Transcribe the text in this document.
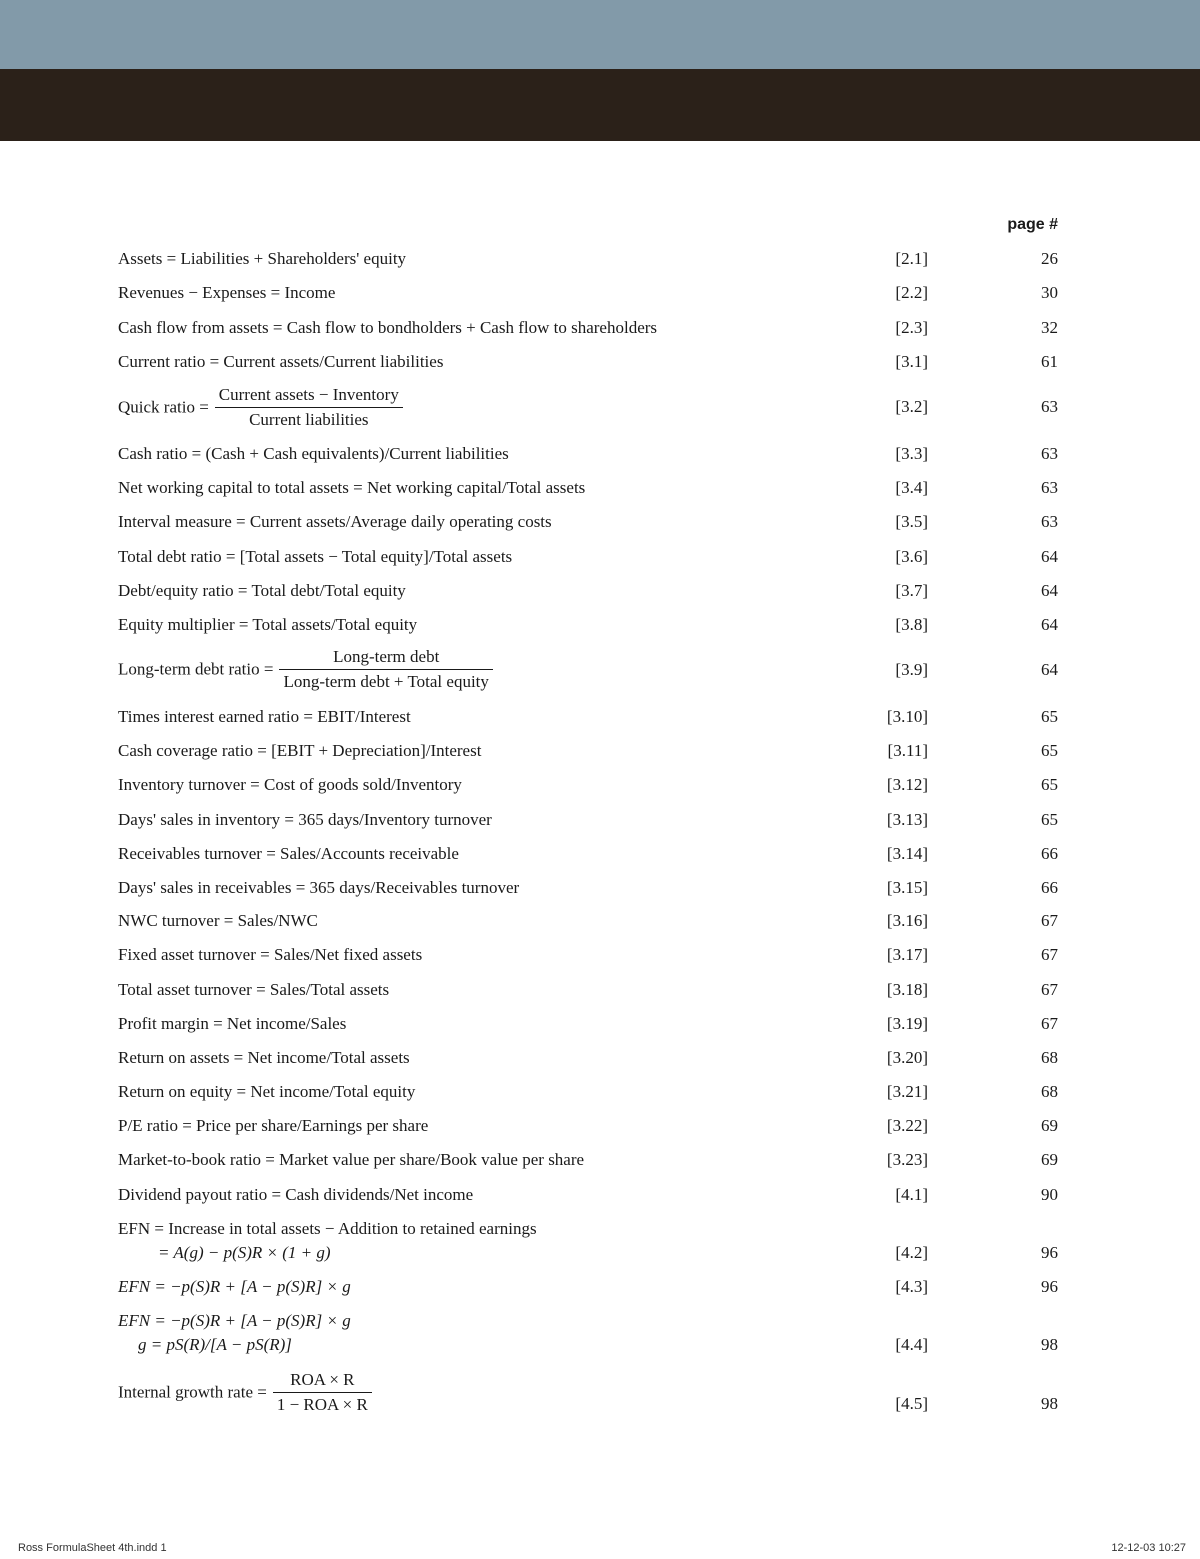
Formula Sheet
page #
Assets = Liabilities + Shareholders' equity	[2.1]	26
Revenues − Expenses = Income	[2.2]	30
Cash flow from assets = Cash flow to bondholders + Cash flow to shareholders	[2.3]	32
Current ratio = Current assets/Current liabilities	[3.1]	61
Quick ratio = $\frac{\text{Current assets − Inventory}}{\text{Current liabilities}}$	[3.2]	63
Cash ratio = (Cash + Cash equivalents)/Current liabilities	[3.3]	63
Net working capital to total assets = Net working capital/Total assets	[3.4]	63
Interval measure = Current assets/Average daily operating costs	[3.5]	63
Total debt ratio = [Total assets − Total equity]/Total assets	[3.6]	64
Debt/equity ratio = Total debt/Total equity	[3.7]	64
Equity multiplier = Total assets/Total equity	[3.8]	64
Long-term debt ratio = $\frac{\text{Long-term debt}}{\text{Long-term debt + Total equity}}$	[3.9]	64
Times interest earned ratio = EBIT/Interest	[3.10]	65
Cash coverage ratio = [EBIT + Depreciation]/Interest	[3.11]	65
Inventory turnover = Cost of goods sold/Inventory	[3.12]	65
Days' sales in inventory = 365 days/Inventory turnover	[3.13]	65
Receivables turnover = Sales/Accounts receivable	[3.14]	66
Days' sales in receivables = 365 days/Receivables turnover	[3.15]	66
NWC turnover = Sales/NWC	[3.16]	67
Fixed asset turnover = Sales/Net fixed assets	[3.17]	67
Total asset turnover = Sales/Total assets	[3.18]	67
Profit margin = Net income/Sales	[3.19]	67
Return on assets = Net income/Total assets	[3.20]	68
Return on equity = Net income/Total equity	[3.21]	68
P/E ratio = Price per share/Earnings per share	[3.22]	69
Market-to-book ratio = Market value per share/Book value per share	[3.23]	69
Dividend payout ratio = Cash dividends/Net income	[4.1]	90
EFN = Increase in total assets − Addition to retained earnings
= A(g) − p(S)R × (1 + g)	[4.2]	96
EFN = −p(S)R + [A − p(S)R] × g	[4.3]	96
EFN = −p(S)R + [A − p(S)R] × g
g = pS(R)/[A − pS(R)]	[4.4]	98
Internal growth rate = $\frac{\text{ROA × R}}{\text{1 − ROA × R}}$	[4.5]	98
Ross FormulaSheet 4th.indd 1	12-12-03 10:27
